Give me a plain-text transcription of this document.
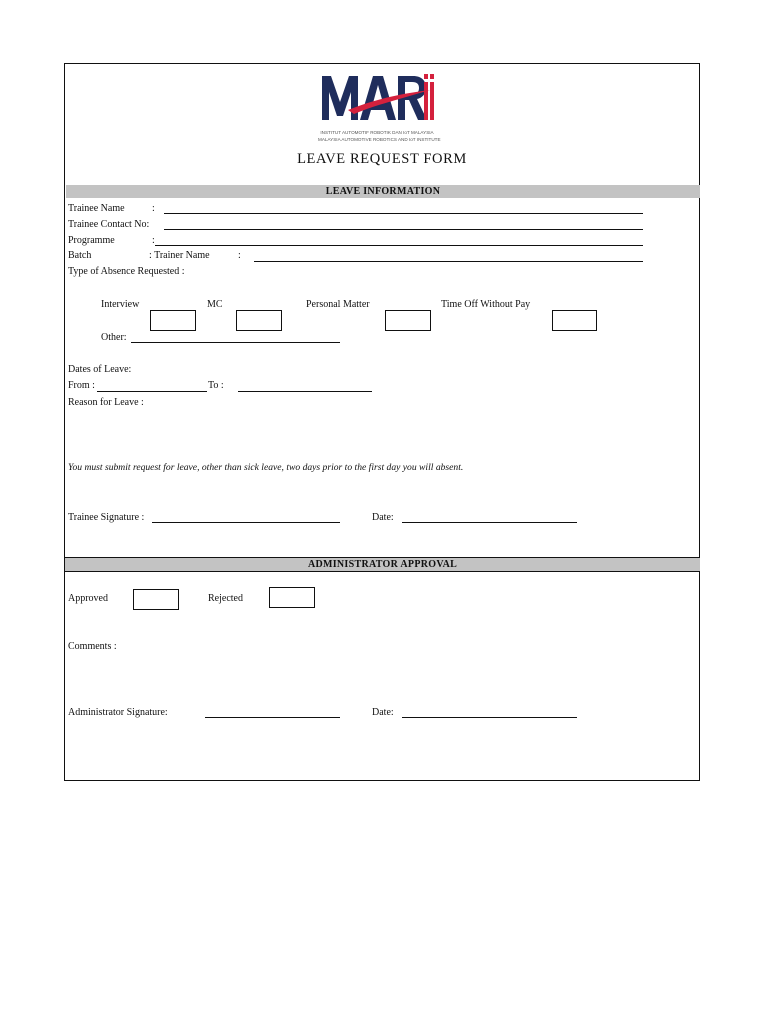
INSTITUT AUTOMOTIF ROBOTIK DAN IoT MALAYSIA
MALAYSIA AUTOMOTIVE ROBOTICS AND IoT INSTITUTE
LEAVE REQUEST FORM
LEAVE INFORMATION
Trainee Name	:
Trainee Contact No:
Programme	:
Batch	: Trainer Name	:
Type of Absence Requested :
Interview	MC	Personal Matter	Time Off Without Pay
Other:
Dates of Leave:
From :	To :
Reason for Leave :
You must submit request for leave, other than sick leave, two days prior to the first day you will absent.
Trainee Signature :	Date:
ADMINISTRATOR APPROVAL
Approved	Rejected
Comments :
Administrator Signature:	Date:
